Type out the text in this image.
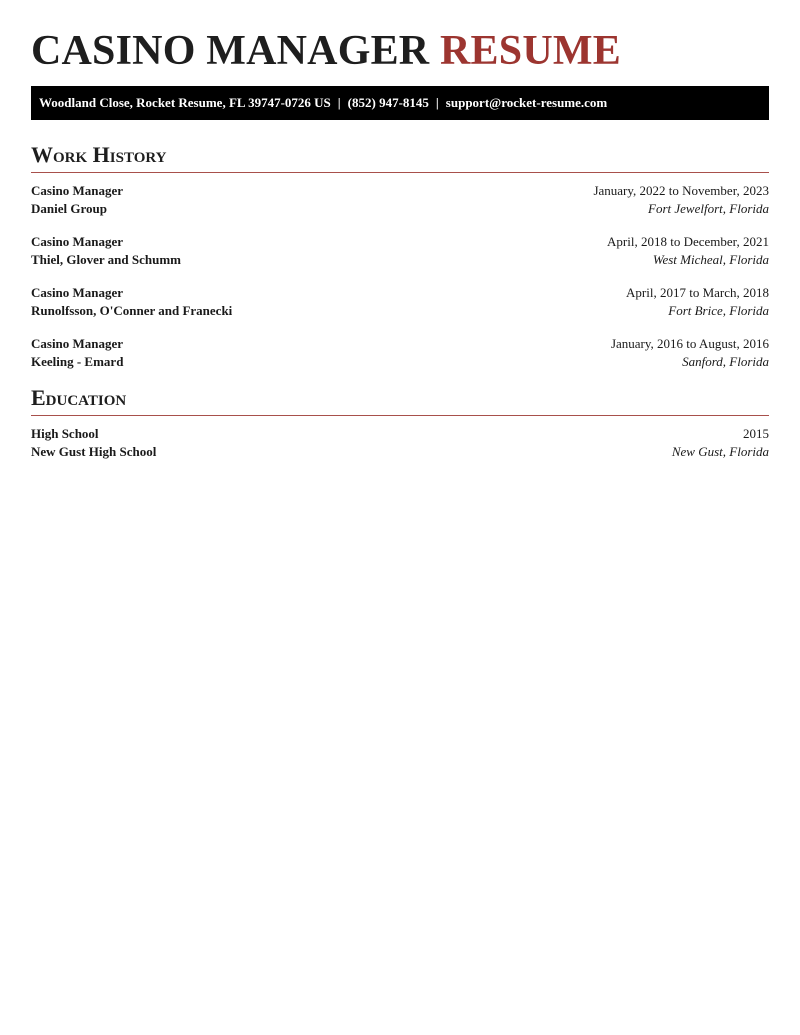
CASINO MANAGER RESUME
Woodland Close, Rocket Resume, FL 39747-0726 US | (852) 947-8145 | support@rocket-resume.com
Work History
Casino Manager	January, 2022 to November, 2023
Daniel Group	Fort Jewelfort, Florida
Casino Manager	April, 2018 to December, 2021
Thiel, Glover and Schumm	West Micheal, Florida
Casino Manager	April, 2017 to March, 2018
Runolfsson, O'Conner and Franecki	Fort Brice, Florida
Casino Manager	January, 2016 to August, 2016
Keeling - Emard	Sanford, Florida
Education
High School	2015
New Gust High School	New Gust, Florida
